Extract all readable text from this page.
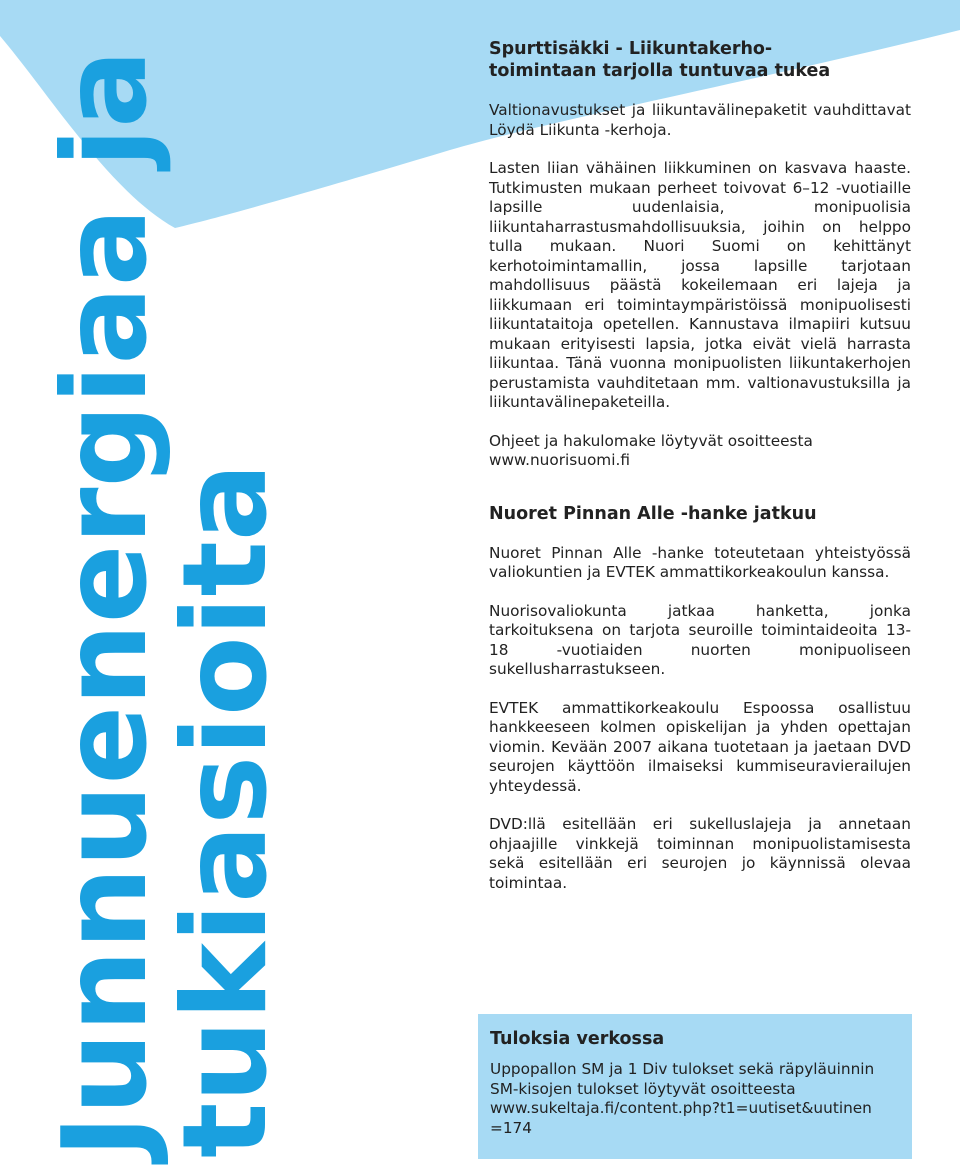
Junnuenergiaa ja
tukiasioita

Spurttisäkki - Liikuntakerho-
toimintaan tarjolla tuntuvaa tukea

Valtionavustukset ja liikuntavälinepaketit vauhdittavat Löydä Liikunta -kerhoja.

Lasten liian vähäinen liikkuminen on kasvava haaste. Tutkimusten mukaan perheet toivovat 6–12 -vuotiaille lapsille uudenlaisia, monipuolisia liikuntaharrastusmahdollisuuksia, joihin on helppo tulla mukaan. Nuori Suomi on kehittänyt kerhotoimintamallin, jossa lapsille tarjotaan mahdollisuus päästä kokeilemaan eri lajeja ja liikkumaan eri toimintaympäristöissä monipuolisesti liikuntataitoja opetellen. Kannustava ilmapiiri kutsuu mukaan erityisesti lapsia, jotka eivät vielä harrasta liikuntaa. Tänä vuonna monipuolisten liikuntakerhojen perustamista vauhditetaan mm. valtionavustuksilla ja liikuntavälinepaketeilla.

Ohjeet ja hakulomake löytyvät osoitteesta

www.nuorisuomi.fi

Nuoret Pinnan Alle -hanke jatkuu

Nuoret Pinnan Alle -hanke toteutetaan yhteistyössä valiokuntien ja EVTEK ammattikorkeakoulun kanssa.

Nuorisovaliokunta jatkaa hanketta, jonka tarkoituksena on tarjota seuroille toimintaideoita 13-18 -vuotiaiden nuorten monipuoliseen sukellusharrastukseen.

EVTEK ammattikorkeakoulu Espoossa osallistuu hankkeeseen kolmen opiskelijan ja yhden opettajan viomin. Kevään 2007 aikana tuotetaan ja jaetaan DVD seurojen käyttöön ilmaiseksi kummiseuravierailujen yhteydessä.

DVD:llä esitellään eri sukelluslajeja ja annetaan ohjaajille vinkkejä toiminnan monipuolistamisesta sekä esitellään eri seurojen jo käynnissä olevaa toimintaa.

Tuloksia verkossa

Uppopallon SM ja 1 Div tulokset sekä räpyläuinnin SM-kisojen tulokset löytyvät osoitteesta

www.sukeltaja.fi/content.php?t1=uutiset&uutinen
=174
